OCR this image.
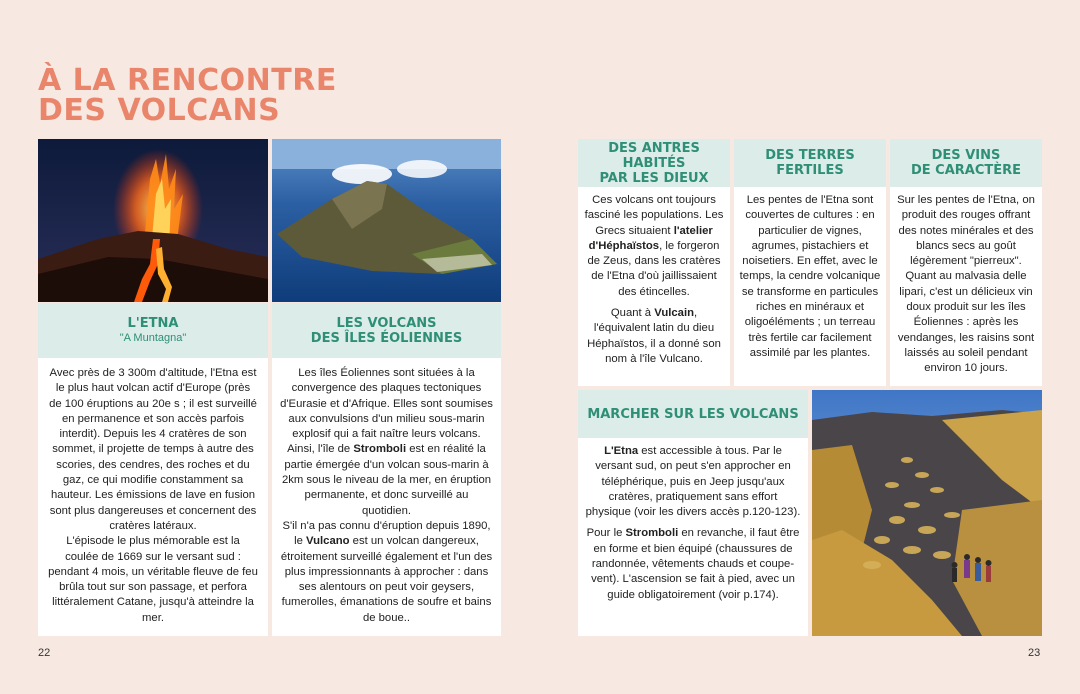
À LA RENCONTRE
DES VOLCANS
L'ETNA
"A Muntagna"

Avec près de 3 300m d'altitude, l'Etna est le plus haut volcan actif d'Europe (près de 100 éruptions au 20e s ; il est surveillé en permanence et son accès parfois interdit). Depuis les 4 cratères de son sommet, il projette de temps à autre des scories, des cendres, des roches et du gaz, ce qui modifie constamment sa hauteur. Les émissions de lave en fusion sont plus dangereuses et concernent des cratères latéraux.

L'épisode le plus mémorable est la coulée de 1669 sur le versant sud : pendant 4 mois, un véritable fleuve de feu brûla tout sur son passage, et perfora littéralement Catane, jusqu'à atteindre la mer.

LES VOLCANS
DES ÎLES ÉOLIENNES

Les îles Éoliennes sont situées à la convergence des plaques tectoniques d'Eurasie et d'Afrique. Elles sont soumises aux convulsions d'un milieu sous-marin explosif qui a fait naître leurs volcans. Ainsi, l'île de Stromboli est en réalité la partie émergée d'un volcan sous-marin à 2km sous le niveau de la mer, en éruption permanente, et donc surveillé au quotidien.

S'il n'a pas connu d'éruption depuis 1890, le Vulcano est un volcan dangereux, étroitement surveillé également et l'un des plus impressionnants à approcher : dans ses alentours on peut voir geysers, fumerolles, émanations de soufre et bains de boue..

DES ANTRES HABITÉS
PAR LES DIEUX

Ces volcans ont toujours fasciné les populations. Les Grecs situaient l'atelier d'Héphaïstos, le forgeron de Zeus, dans les cratères de l'Etna d'où jaillissaient des étincelles.

Quant à Vulcain, l'équivalent latin du dieu Héphaïstos, il a donné son nom à l'île Vulcano.

DES TERRES
FERTILES

Les pentes de l'Etna sont couvertes de cultures : en particulier de vignes, agrumes, pistachiers et noisetiers. En effet, avec le temps, la cendre volcanique se transforme en particules riches en minéraux et oligoéléments ; un terreau très fertile car facilement assimilé par les plantes.

DES VINS
DE CARACTÈRE

Sur les pentes de l'Etna, on produit des rouges offrant des notes minérales et des blancs secs au goût légèrement "pierreux". Quant au malvasia delle lipari, c'est un délicieux vin doux produit sur les îles Éoliennes : après les vendanges, les raisins sont laissés au soleil pendant environ 10 jours.

MARCHER SUR LES VOLCANS

L'Etna est accessible à tous. Par le versant sud, on peut s'en approcher en téléphérique, puis en Jeep jusqu'aux cratères, pratiquement sans effort physique (voir les divers accès p.120-123).

Pour le Stromboli en revanche, il faut être en forme et bien équipé (chaussures de randonnée, vêtements chauds et coupe-vent). L'ascension se fait à pied, avec un guide obligatoirement (voir p.174).

22	23
